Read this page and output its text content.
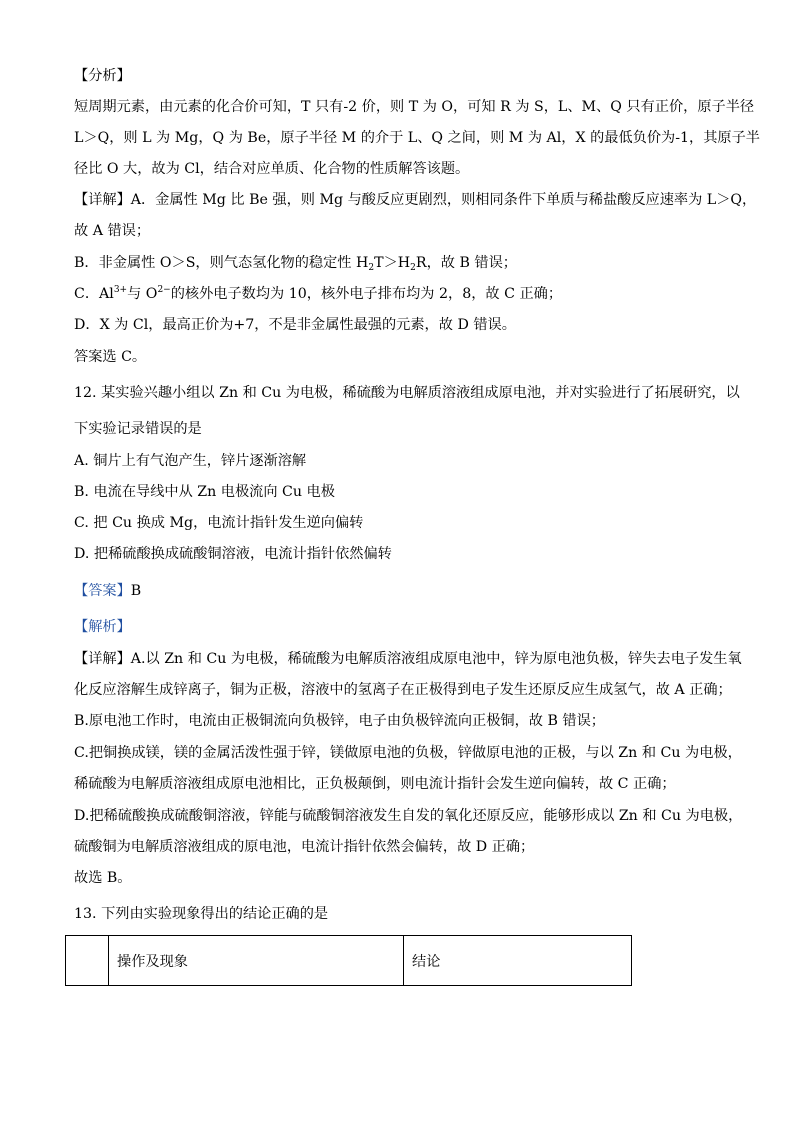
【分析】
短周期元素，由元素的化合价可知，T 只有-2 价，则 T 为 O，可知 R 为 S，L、M、Q 只有正价，原子半径
L＞Q，则 L 为 Mg，Q 为 Be，原子半径 M 的介于 L、Q 之间，则 M 为 Al，X 的最低负价为-1，其原子半
径比 O 大，故为 Cl，结合对应单质、化合物的性质解答该题。
【详解】A．金属性 Mg 比 Be 强，则 Mg 与酸反应更剧烈，则相同条件下单质与稀盐酸反应速率为 L＞Q，
故 A 错误；
B．非金属性 O＞S，则气态氢化物的稳定性 $H_2T>H_2R$，故 B 错误；
C．$Al^{3+}$与 $O^{2-}$的核外电子数均为 10，核外电子排布均为 2，8，故 C 正确；
D．X 为 Cl，最高正价为+7，不是非金属性最强的元素，故 D 错误。
答案选 C。
12. 某实验兴趣小组以 Zn 和 Cu 为电极，稀硫酸为电解质溶液组成原电池，并对实验进行了拓展研究，以
下实验记录错误的是
A. 铜片上有气泡产生，锌片逐渐溶解
B. 电流在导线中从 Zn 电极流向 Cu 电极
C. 把 Cu 换成 Mg，电流计指针发生逆向偏转
D. 把稀硫酸换成硫酸铜溶液，电流计指针依然偏转
【答案】B
【解析】
【详解】A.以 Zn 和 Cu 为电极，稀硫酸为电解质溶液组成原电池中，锌为原电池负极，锌失去电子发生氧
化反应溶解生成锌离子，铜为正极，溶液中的氢离子在正极得到电子发生还原反应生成氢气，故 A 正确；
B.原电池工作时，电流由正极铜流向负极锌，电子由负极锌流向正极铜，故 B 错误；
C.把铜换成镁，镁的金属活泼性强于锌，镁做原电池的负极，锌做原电池的正极，与以 Zn 和 Cu 为电极，
稀硫酸为电解质溶液组成原电池相比，正负极颠倒，则电流计指针会发生逆向偏转，故 C 正确；
D.把稀硫酸换成硫酸铜溶液，锌能与硫酸铜溶液发生自发的氧化还原反应，能够形成以 Zn 和 Cu 为电极，
硫酸铜为电解质溶液组成的原电池，电流计指针依然会偏转，故 D 正确；
故选 B。
13. 下列由实验现象得出的结论正确的是
	操作及现象	结论
